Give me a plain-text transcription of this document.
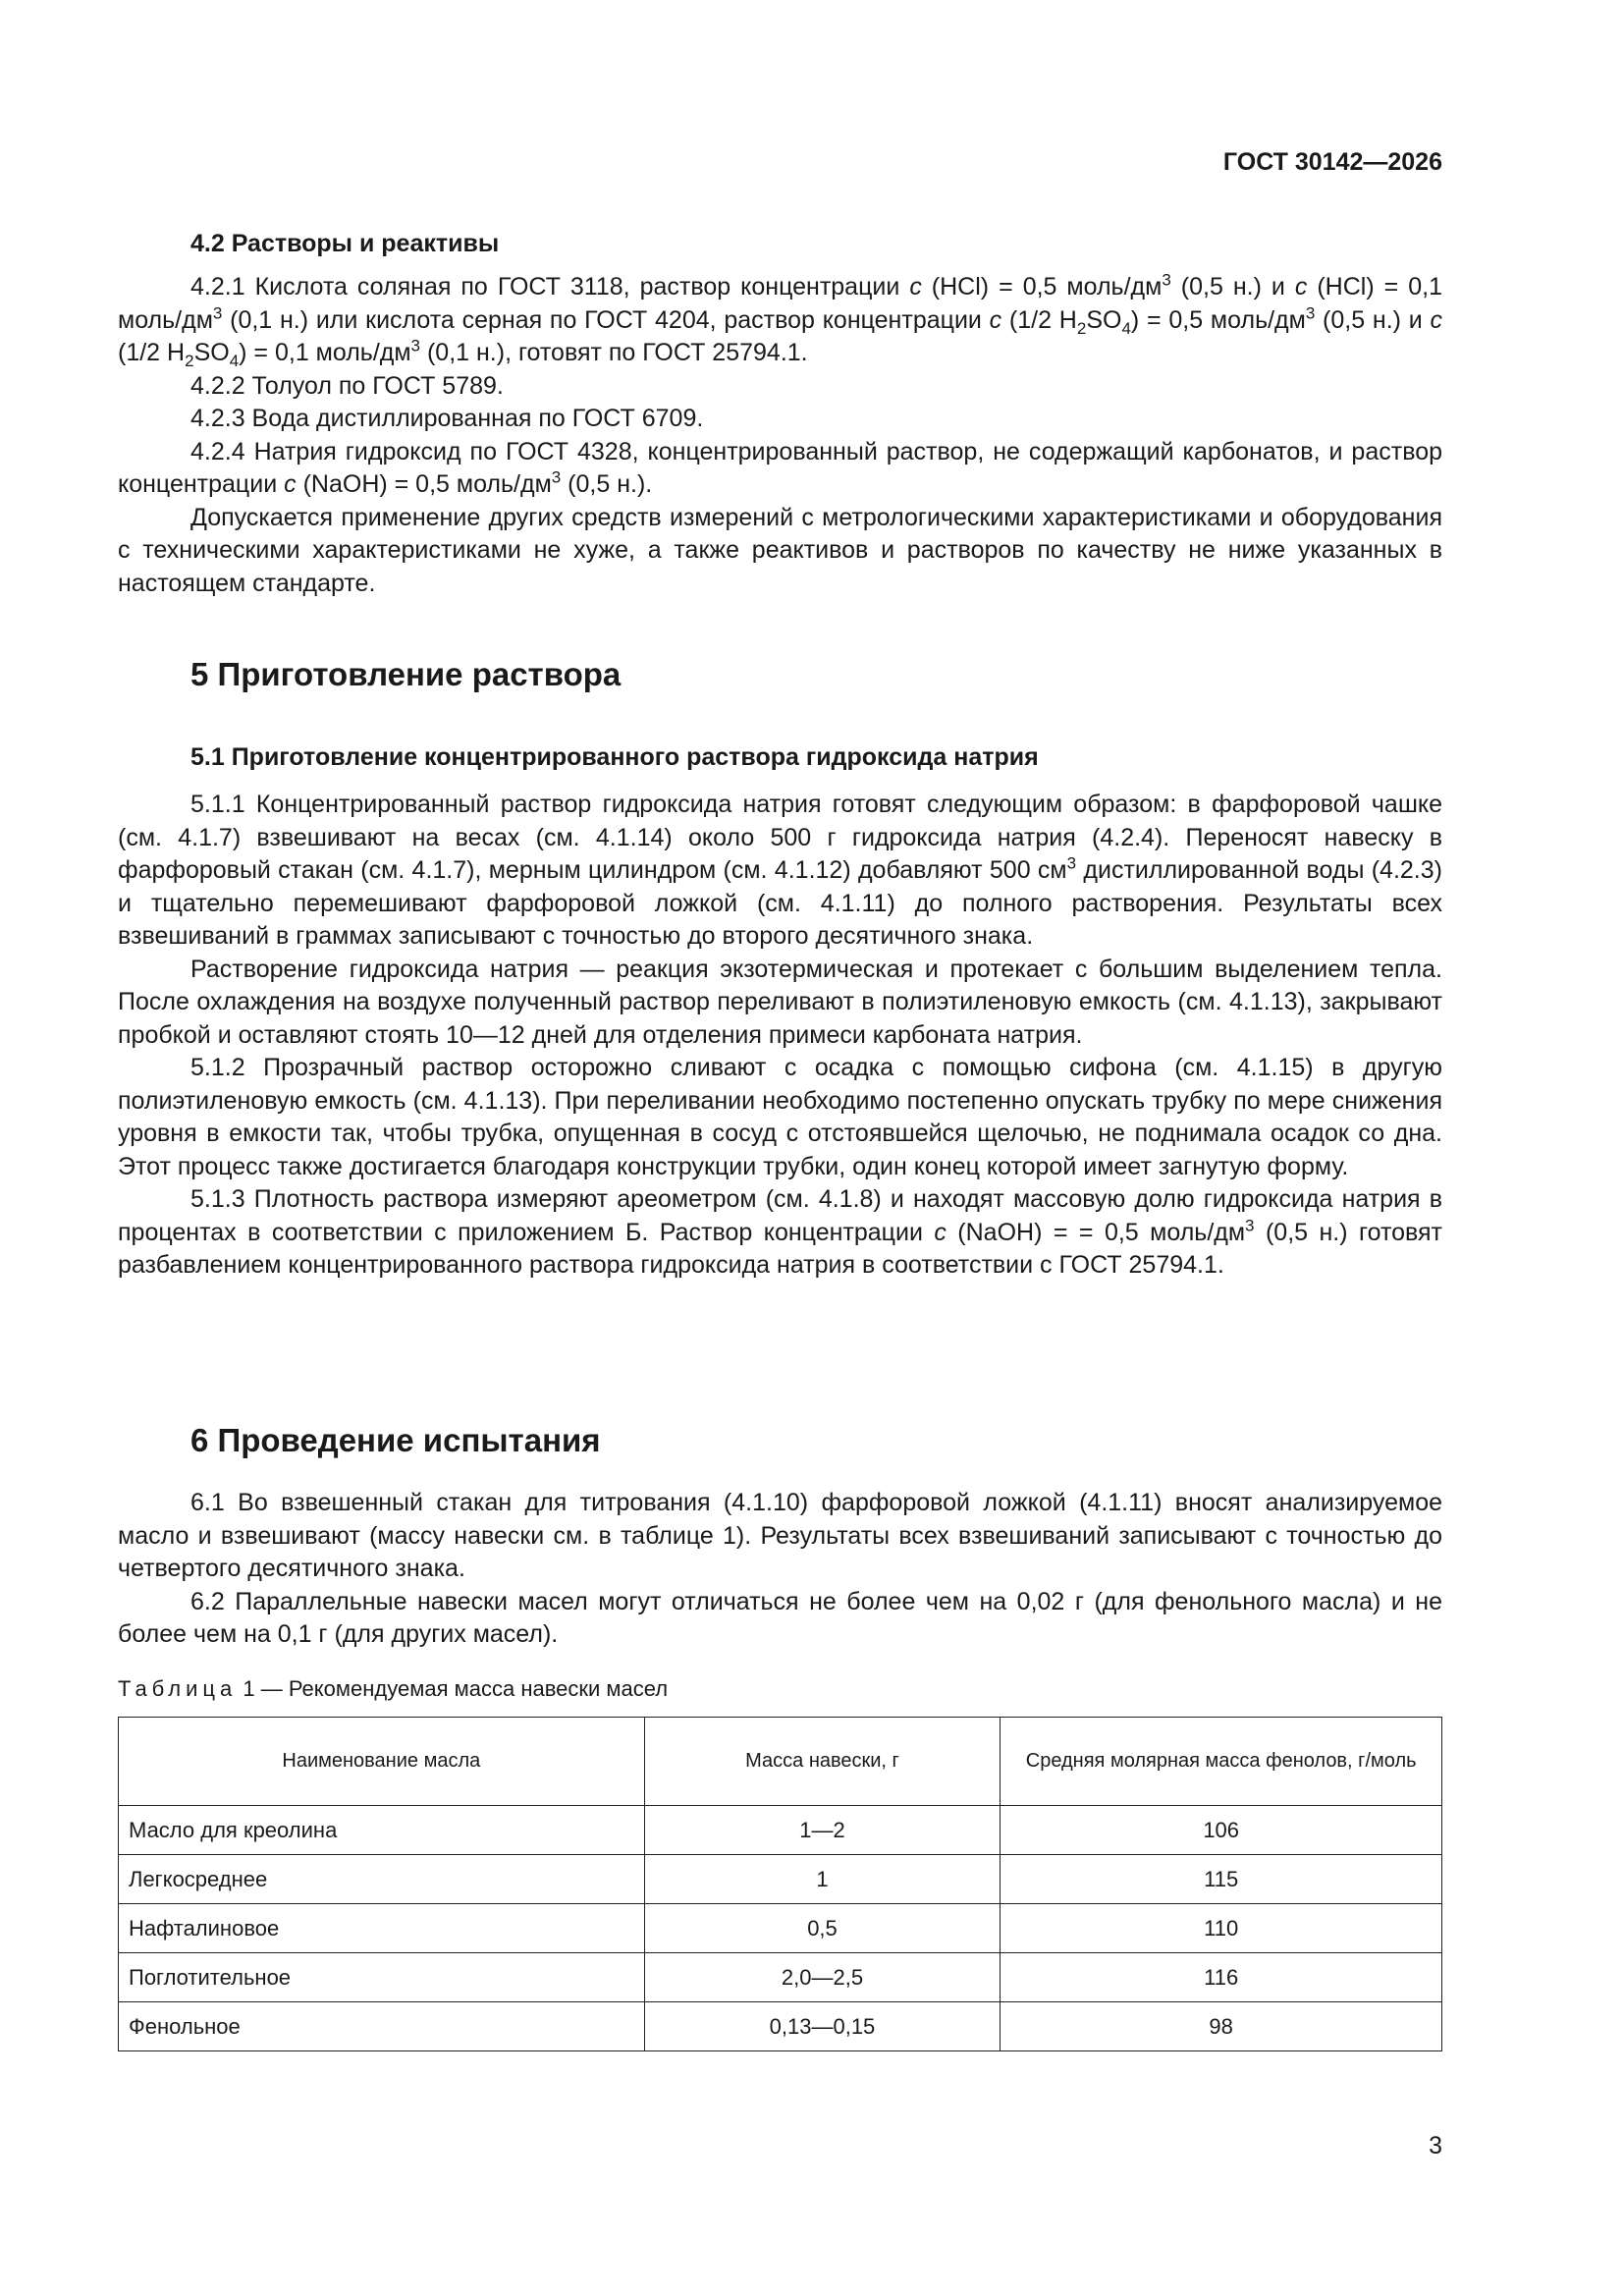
ГОСТ 30142—2026
4.2 Растворы и реактивы

4.2.1 Кислота соляная по ГОСТ 3118, раствор концентрации c (HCl) = 0,5 моль/$дм^3$ (0,5 н.) и c (HCl) = 0,1 моль/$дм^3$ (0,1 н.) или кислота серная по ГОСТ 4204, раствор концентрации c (1/2 $H_2SO_4) = 0,5$ моль/$дм^3$ (0,5 н.) и c (1/2 $H_2SO_4) = 0,1$ моль/$дм^3$ (0,1 н.), готовят по ГОСТ 25794.1.

4.2.2 Толуол по ГОСТ 5789.

4.2.3 Вода дистиллированная по ГОСТ 6709.

4.2.4 Натрия гидроксид по ГОСТ 4328, концентрированный раствор, не содержащий карбонатов, и раствор концентрации c (NaOH) = 0,5 моль/$дм^3$ (0,5 н.).

Допускается применение других средств измерений с метрологическими характеристиками и оборудования с техническими характеристиками не хуже, а также реактивов и растворов по качеству не ниже указанных в настоящем стандарте.

5 Приготовление раствора
5.1 Приготовление концентрированного раствора гидроксида натрия

5.1.1 Концентрированный раствор гидроксида натрия готовят следующим образом: в фарфоровой чашке (см. 4.1.7) взвешивают на весах (см. 4.1.14) около 500 г гидроксида натрия (4.2.4). Переносят навеску в фарфоровый стакан (см. 4.1.7), мерным цилиндром (см. 4.1.12) добавляют 500 $см^3$ дистиллированной воды (4.2.3) и тщательно перемешивают фарфоровой ложкой (см. 4.1.11) до полного растворения. Результаты всех взвешиваний в граммах записывают с точностью до второго десятичного знака.

Растворение гидроксида натрия — реакция экзотермическая и протекает с большим выделением тепла. После охлаждения на воздухе полученный раствор переливают в полиэтиленовую емкость (см. 4.1.13), закрывают пробкой и оставляют стоять 10—12 дней для отделения примеси карбоната натрия.

5.1.2 Прозрачный раствор осторожно сливают с осадка с помощью сифона (см. 4.1.15) в другую полиэтиленовую емкость (см. 4.1.13). При переливании необходимо постепенно опускать трубку по мере снижения уровня в емкости так, чтобы трубка, опущенная в сосуд с отстоявшейся щелочью, не поднимала осадок со дна. Этот процесс также достигается благодаря конструкции трубки, один конец которой имеет загнутую форму.

5.1.3 Плотность раствора измеряют ареометром (см. 4.1.8) и находят массовую долю гидроксида натрия в процентах в соответствии с приложением Б. Раствор концентрации c (NaOH) = = 0,5 моль/$дм^3$ (0,5 н.) готовят разбавлением концентрированного раствора гидроксида натрия в соответствии с ГОСТ 25794.1.

6 Проведение испытания

6.1 Во взвешенный стакан для титрования (4.1.10) фарфоровой ложкой (4.1.11) вносят анализируемое масло и взвешивают (массу навески см. в таблице 1). Результаты всех взвешиваний записывают с точностью до четвертого десятичного знака.

6.2 Параллельные навески масел могут отличаться не более чем на 0,02 г (для фенольного масла) и не более чем на 0,1 г (для других масел).

Таблица 1 — Рекомендуемая масса навески масел

Наименование масла	Масса навески, г	Средняя молярная масса фенолов, г/моль
Масло для креолина	1—2	106
Легкосреднее	1	115
Нафталиновое	0,5	110
Поглотительное	2,0—2,5	116
Фенольное	0,13—0,15	98
3
